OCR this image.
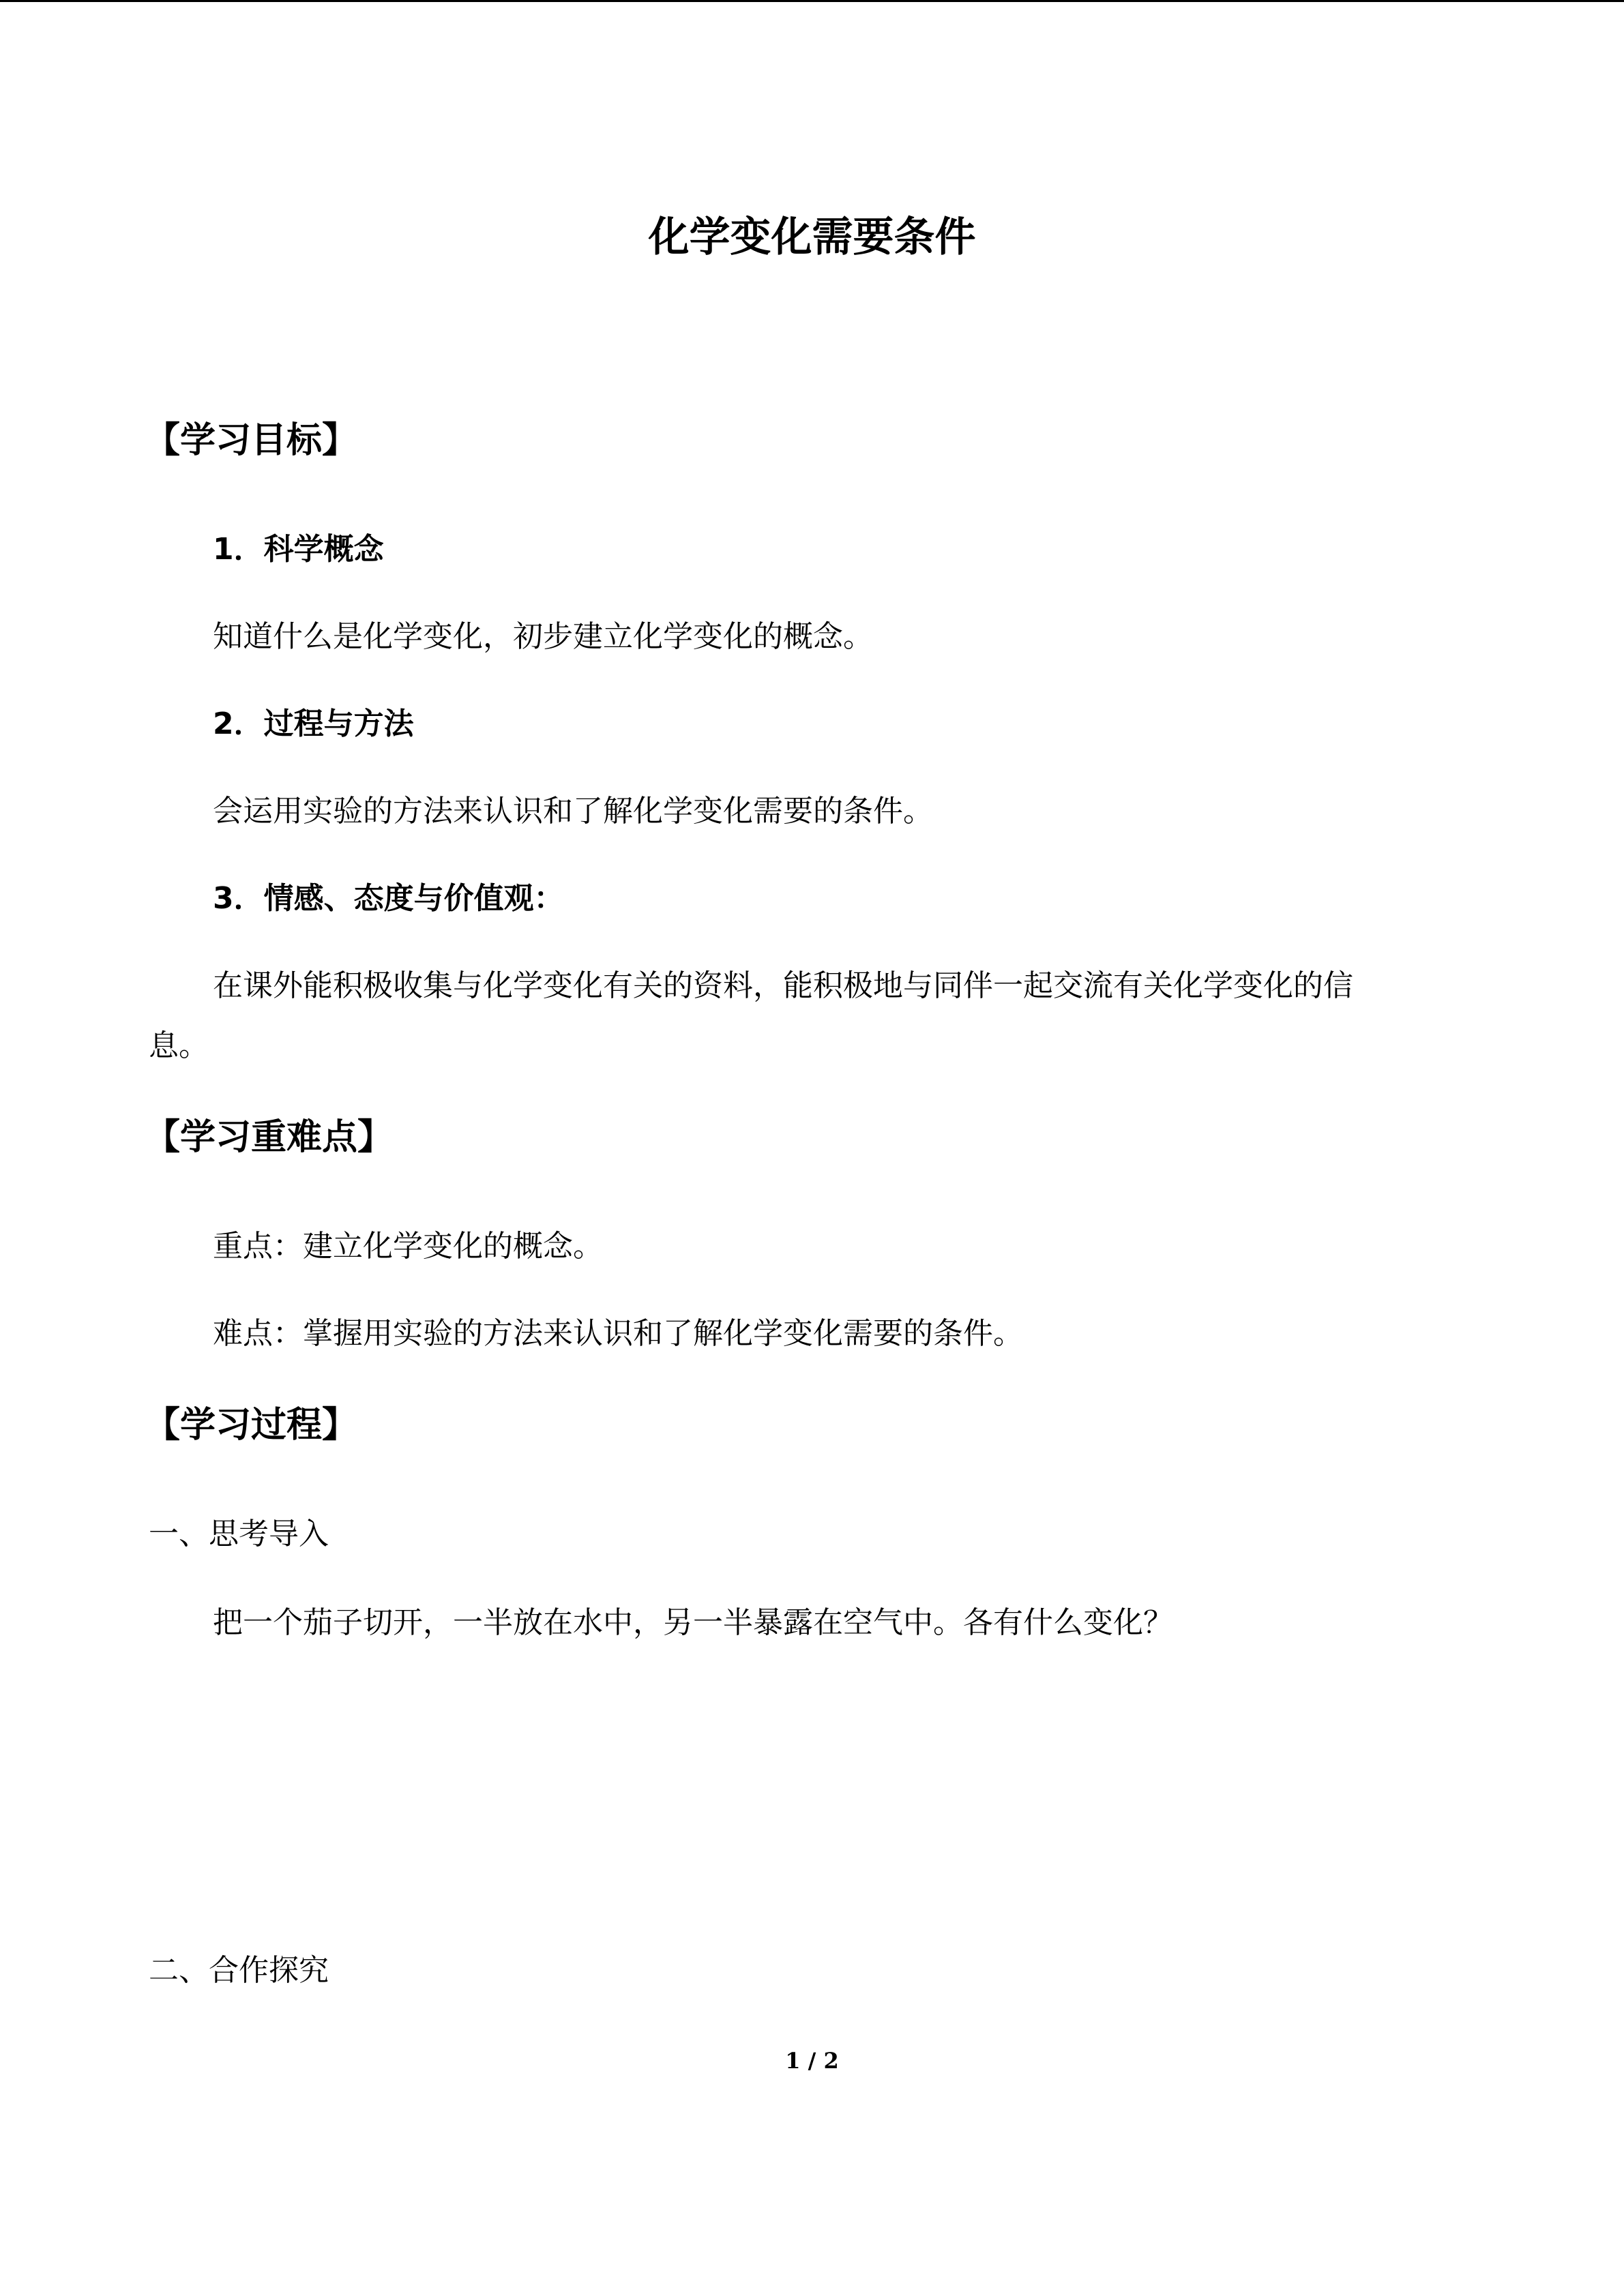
化学变化需要条件
【学习目标】
1．科学概念
知道什么是化学变化，初步建立化学变化的概念。
2．过程与方法
会运用实验的方法来认识和了解化学变化需要的条件。
3．情感、态度与价值观：
在课外能积极收集与化学变化有关的资料，能积极地与同伴一起交流有关化学变化的信
息。
【学习重难点】
重点：建立化学变化的概念。
难点：掌握用实验的方法来认识和了解化学变化需要的条件。
【学习过程】
一、思考导入
把一个茄子切开，一半放在水中，另一半暴露在空气中。各有什么变化？
二、合作探究
1 / 2
